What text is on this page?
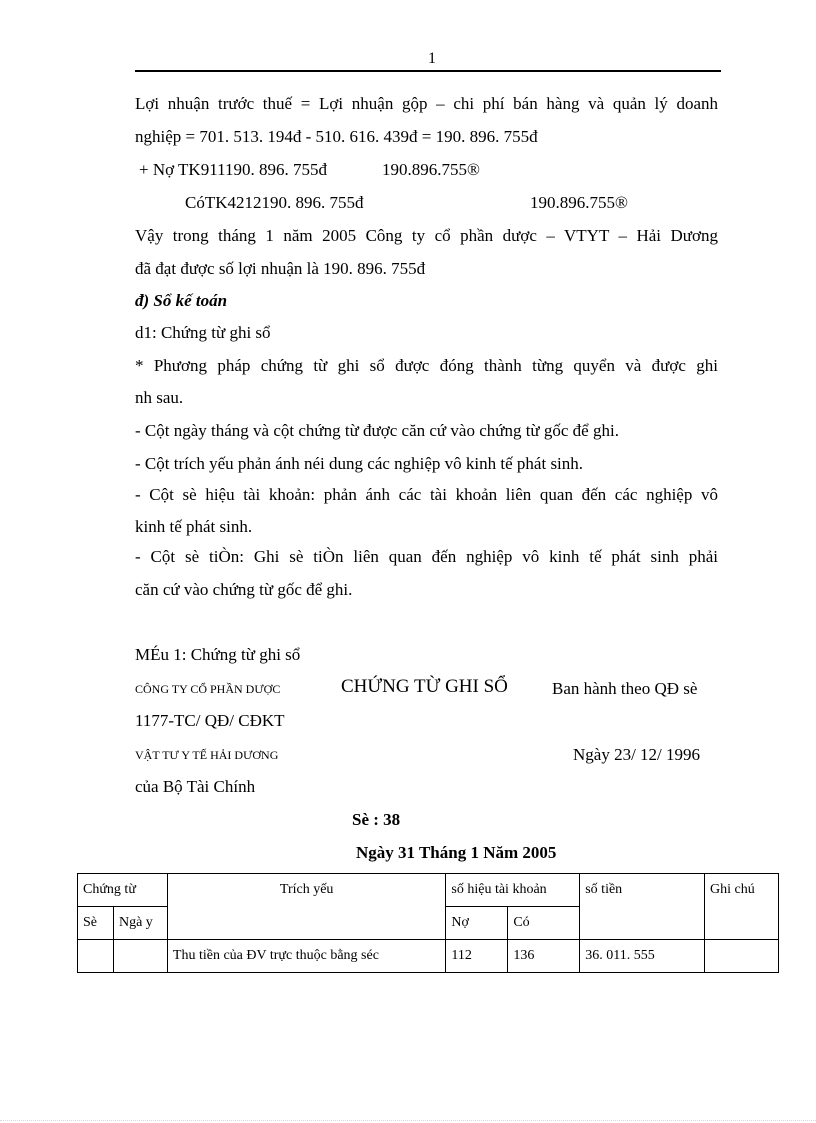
1
Lợi nhuận trước thuế = Lợi nhuận gộp – chi phí bán hàng và quản lý doanh
nghiệp = 701. 513. 194đ - 510. 616. 439đ = 190. 896. 755đ
+ Nợ TK911190. 896. 755đ	190.896.755®
CóTK4212190. 896. 755đ	190.896.755®
Vậy trong tháng 1 năm 2005 Công ty cổ phần dược – VTYT – Hải Dương
đã đạt được số lợi nhuận là 190. 896. 755đ
đ) Sổ kế toán
d1: Chứng từ ghi sổ
* Phương pháp chứng từ ghi sổ được đóng thành từng quyển và được ghi
nh sau.
- Cột ngày tháng và cột chứng từ được căn cứ vào chứng từ gốc để ghi.
- Cột trích yếu phản ánh néi dung các nghiệp vô kinh tế phát sinh.
- Cột sè hiệu tài khoản: phản ánh các tài khoản liên quan đến các nghiệp vô
kinh tế phát sinh.
- Cột sè tiÒn: Ghi sè tiÒn liên quan đến nghiệp vô kinh tế phát sinh phải
căn cứ vào chứng từ gốc để ghi.
MÉu 1: Chứng từ ghi sổ
CÔNG TY CỔ PHẦN DƯỢC	CHỨNG TỪ GHI SỔ	Ban hành theo QĐ sè
1177-TC/ QĐ/ CĐKT
VẬT TƯ Y TẾ HẢI DƯƠNG	Ngày 23/ 12/ 1996
của Bộ Tài Chính
Sè : 38
Ngày 31 Tháng 1 Năm 2005
Chứng từ		Trích yếu	số hiệu tài khoản		số tiền	Ghi chú
Sè	Ngà y		Nợ	Có		
		Thu tiền của ĐV trực thuộc bằng séc	112	136	36. 011. 555	
